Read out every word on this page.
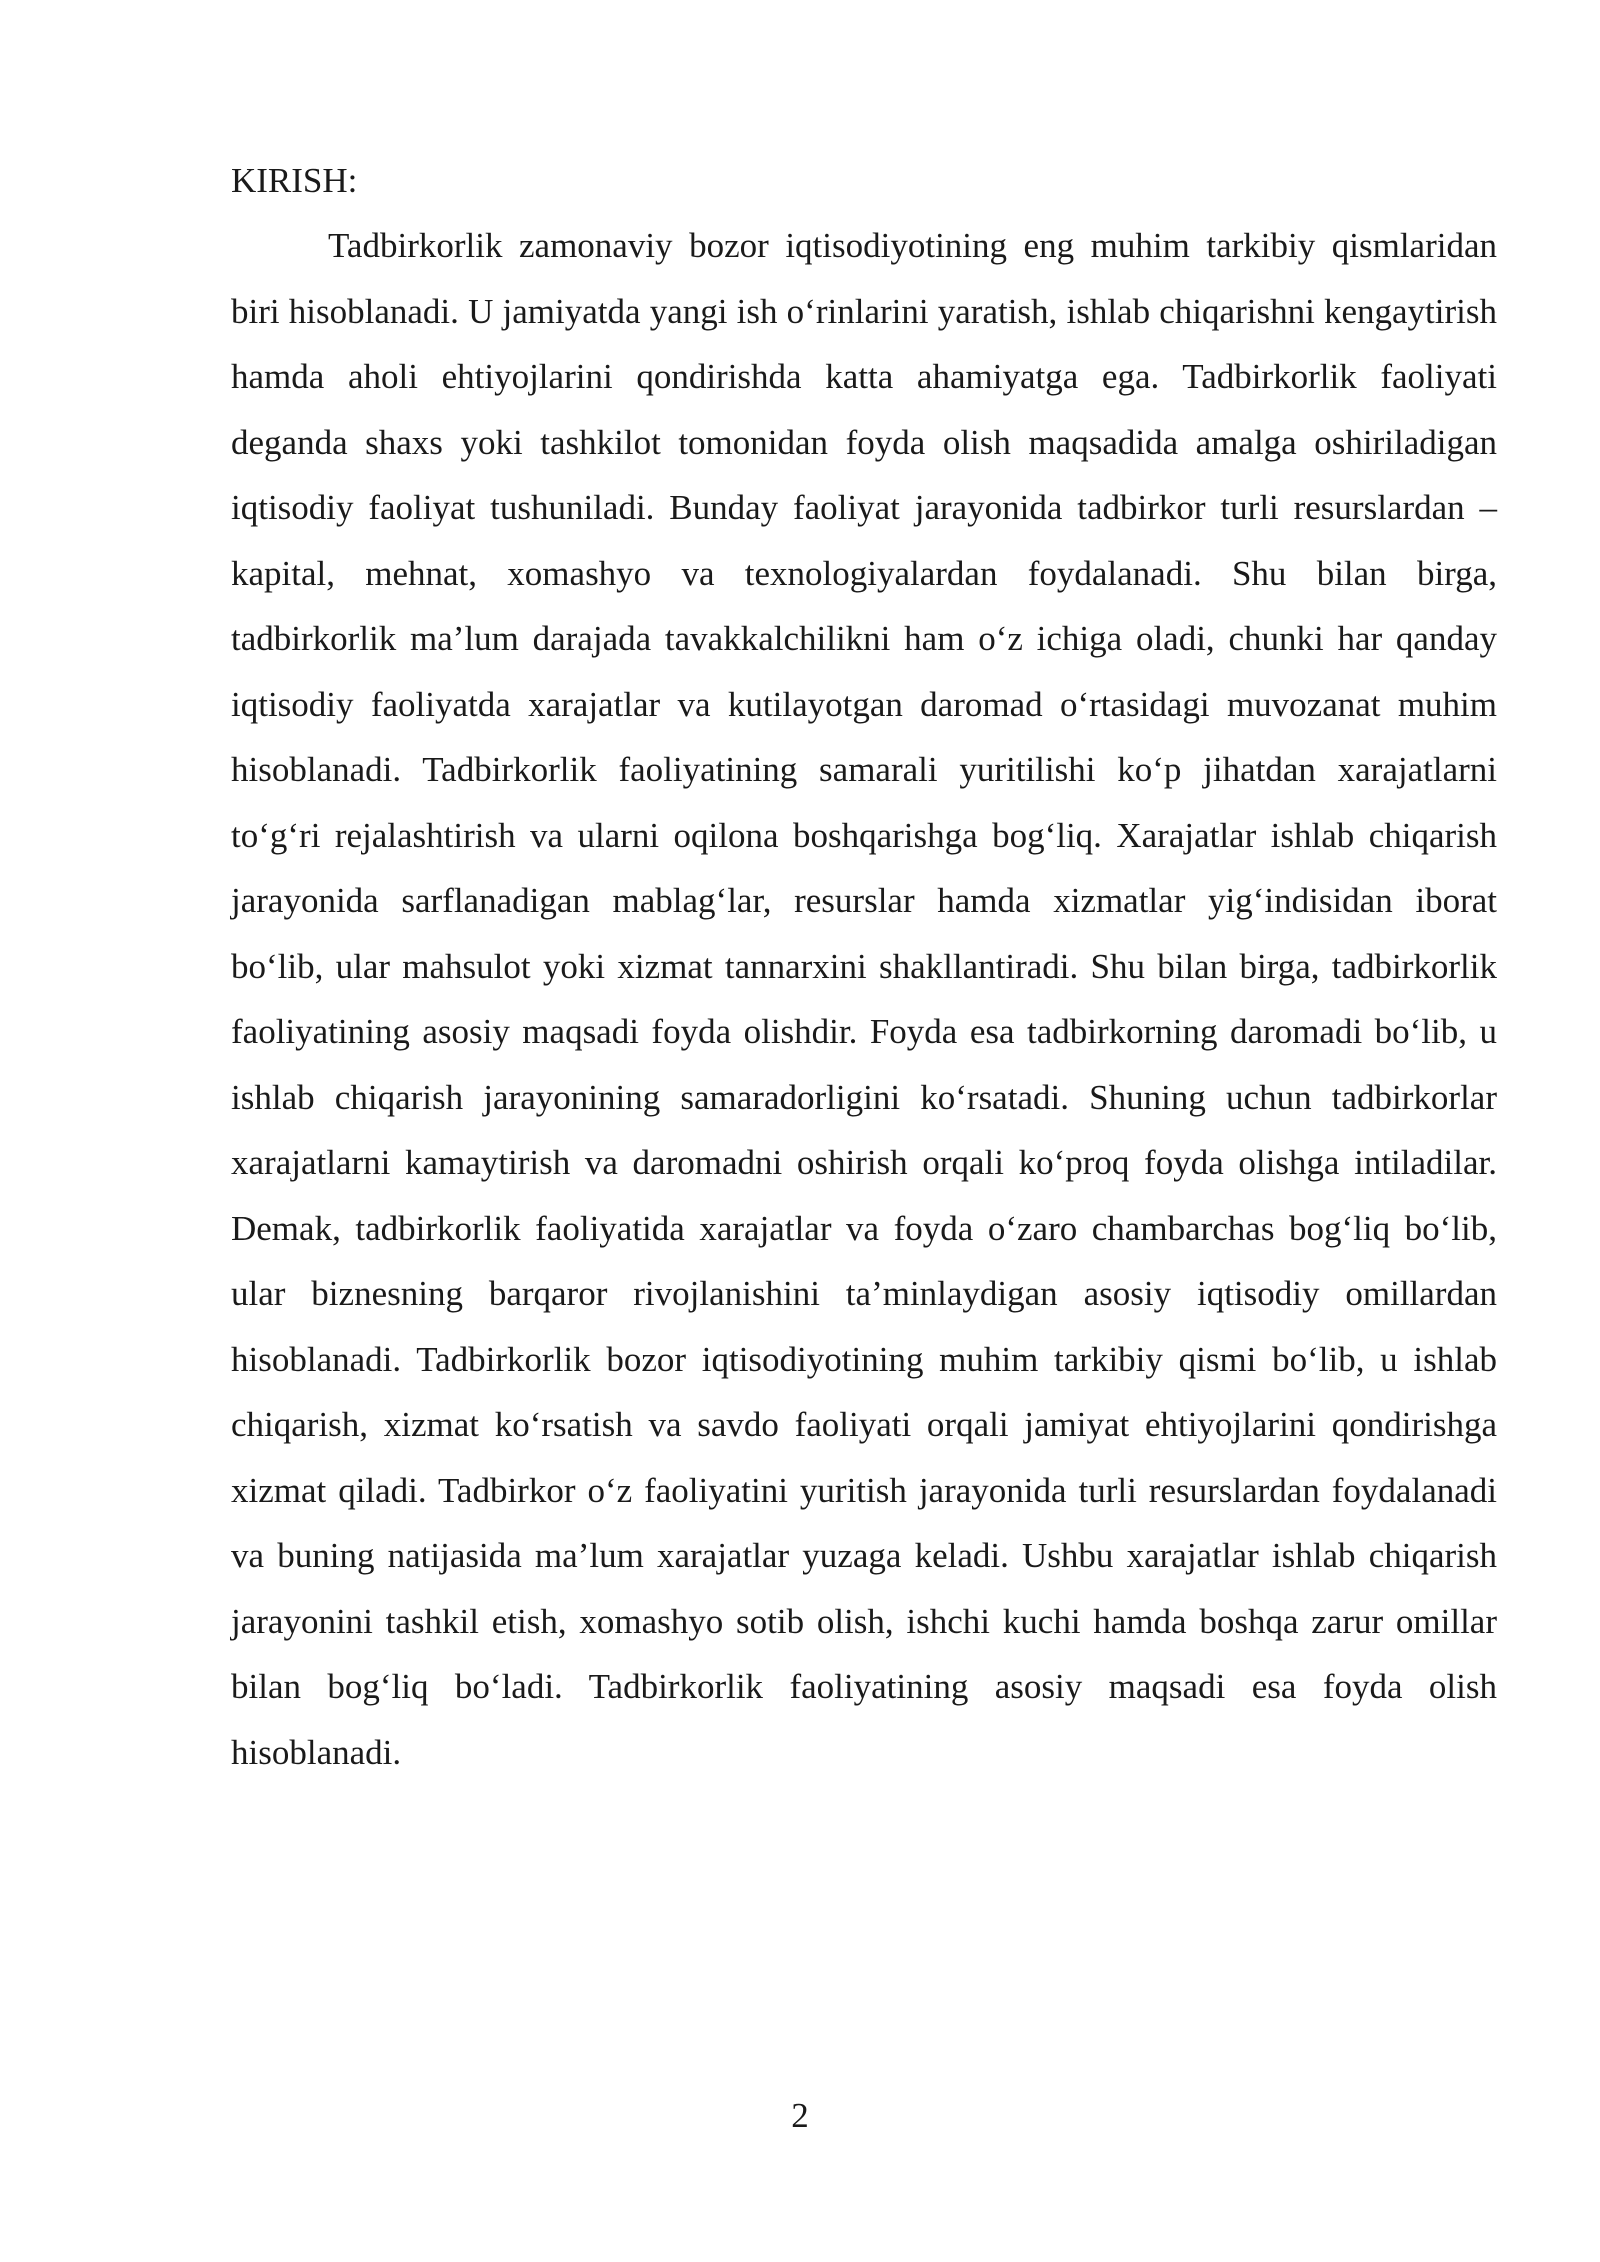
KIRISH:

Tadbirkorlik zamonaviy bozor iqtisodiyotining eng muhim tarkibiy qismlaridan biri hisoblanadi. U jamiyatda yangi ish o‘rinlarini yaratish, ishlab chiqarishni kengaytirish hamda aholi ehtiyojlarini qondirishda katta ahamiyatga ega. Tadbirkorlik faoliyati deganda shaxs yoki tashkilot tomonidan foyda olish maqsadida amalga oshiriladigan iqtisodiy faoliyat tushuniladi. Bunday faoliyat jarayonida tadbirkor turli resurslardan – kapital, mehnat, xomashyo va texnologiyalardan foydalanadi. Shu bilan birga, tadbirkorlik ma’lum darajada tavakkalchilikni ham o‘z ichiga oladi, chunki har qanday iqtisodiy faoliyatda xarajatlar va kutilayotgan daromad o‘rtasidagi muvozanat muhim hisoblanadi. Tadbirkorlik faoliyatining samarali yuritilishi ko‘p jihatdan xarajatlarni to‘g‘ri rejalashtirish va ularni oqilona boshqarishga bog‘liq. Xarajatlar ishlab chiqarish jarayonida sarflanadigan mablag‘lar, resurslar hamda xizmatlar yig‘indisidan iborat bo‘lib, ular mahsulot yoki xizmat tannarxini shakllantiradi. Shu bilan birga, tadbirkorlik faoliyatining asosiy maqsadi foyda olishdir. Foyda esa tadbirkorning daromadi bo‘lib, u ishlab chiqarish jarayonining samaradorligini ko‘rsatadi. Shuning uchun tadbirkorlar xarajatlarni kamaytirish va daromadni oshirish orqali ko‘proq foyda olishga intiladilar. Demak, tadbirkorlik faoliyatida xarajatlar va foyda o‘zaro chambarchas bog‘liq bo‘lib, ular biznesning barqaror rivojlanishini ta’minlaydigan asosiy iqtisodiy omillardan hisoblanadi. Tadbirkorlik bozor iqtisodiyotining muhim tarkibiy qismi bo‘lib, u ishlab chiqarish, xizmat ko‘rsatish va savdo faoliyati orqali jamiyat ehtiyojlarini qondirishga xizmat qiladi. Tadbirkor o‘z faoliyatini yuritish jarayonida turli resurslardan foydalanadi va buning natijasida ma’lum xarajatlar yuzaga keladi. Ushbu xarajatlar ishlab chiqarish jarayonini tashkil etish, xomashyo sotib olish, ishchi kuchi hamda boshqa zarur omillar bilan bog‘liq bo‘ladi. Tadbirkorlik faoliyatining asosiy maqsadi esa foyda olish hisoblanadi.

2
